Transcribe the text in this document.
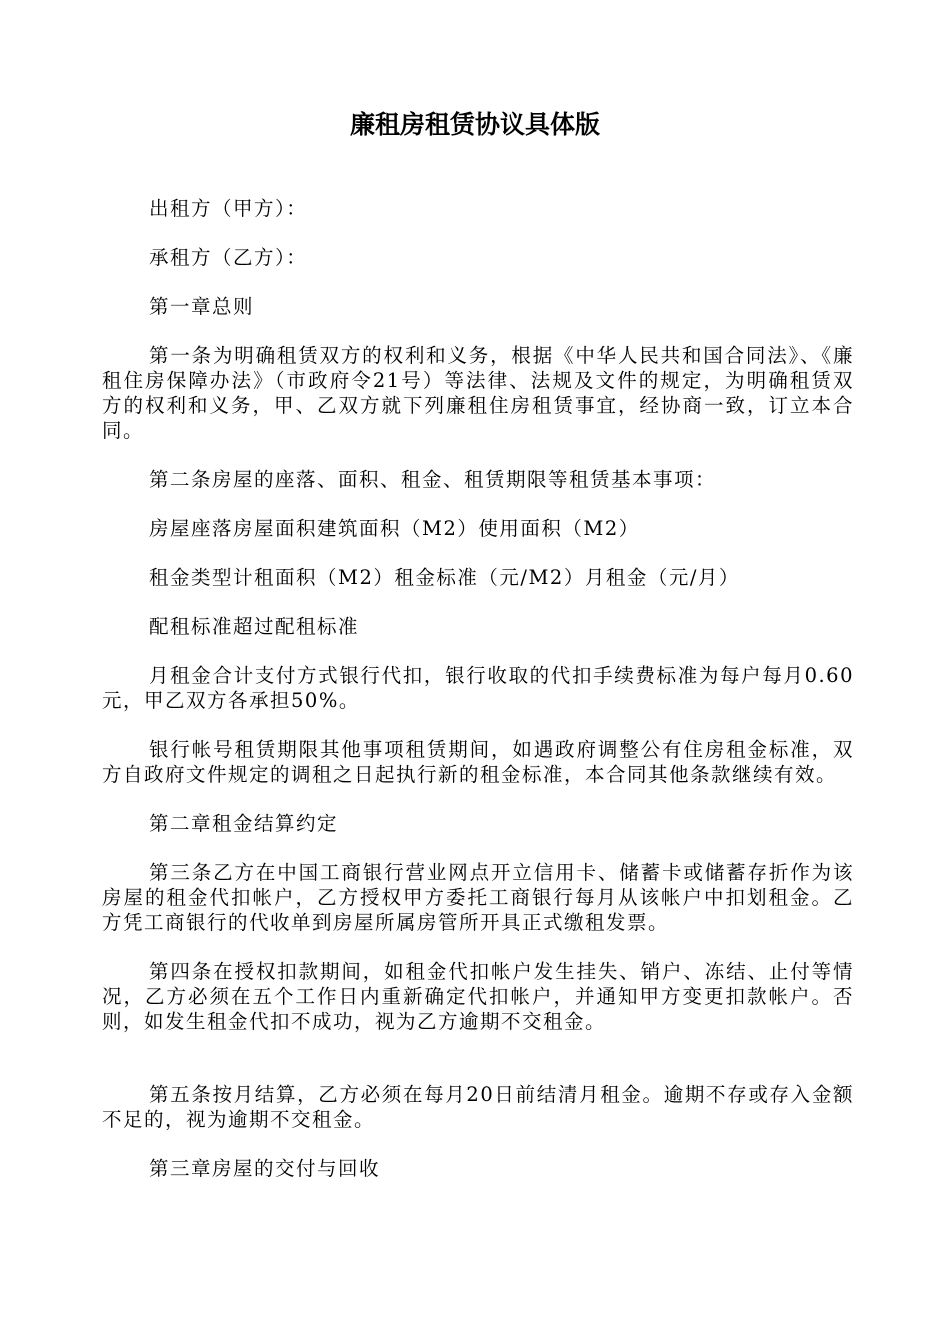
廉租房租赁协议具体版

出租方（甲方）：

承租方（乙方）：

第一章总则

第一条为明确租赁双方的权利和义务，根据《中华人民共和国合同法》、《廉租住房保障办法》（市政府令21号）等法律、法规及文件的规定，为明确租赁双方的权利和义务，甲、乙双方就下列廉租住房租赁事宜，经协商一致，订立本合同。

第二条房屋的座落、面积、租金、租赁期限等租赁基本事项：

房屋座落房屋面积建筑面积（M2）使用面积（M2）

租金类型计租面积（M2）租金标准（元/M2）月租金（元/月）

配租标准超过配租标准

月租金合计支付方式银行代扣，银行收取的代扣手续费标准为每户每月0.60元，甲乙双方各承担50%。

银行帐号租赁期限其他事项租赁期间，如遇政府调整公有住房租金标准，双方自政府文件规定的调租之日起执行新的租金标准，本合同其他条款继续有效。

第二章租金结算约定

第三条乙方在中国工商银行营业网点开立信用卡、储蓄卡或储蓄存折作为该房屋的租金代扣帐户，乙方授权甲方委托工商银行每月从该帐户中扣划租金。乙方凭工商银行的代收单到房屋所属房管所开具正式缴租发票。

第四条在授权扣款期间，如租金代扣帐户发生挂失、销户、冻结、止付等情况，乙方必须在五个工作日内重新确定代扣帐户，并通知甲方变更扣款帐户。否则，如发生租金代扣不成功，视为乙方逾期不交租金。

第五条按月结算，乙方必须在每月20日前结清月租金。逾期不存或存入金额不足的，视为逾期不交租金。

第三章房屋的交付与回收
